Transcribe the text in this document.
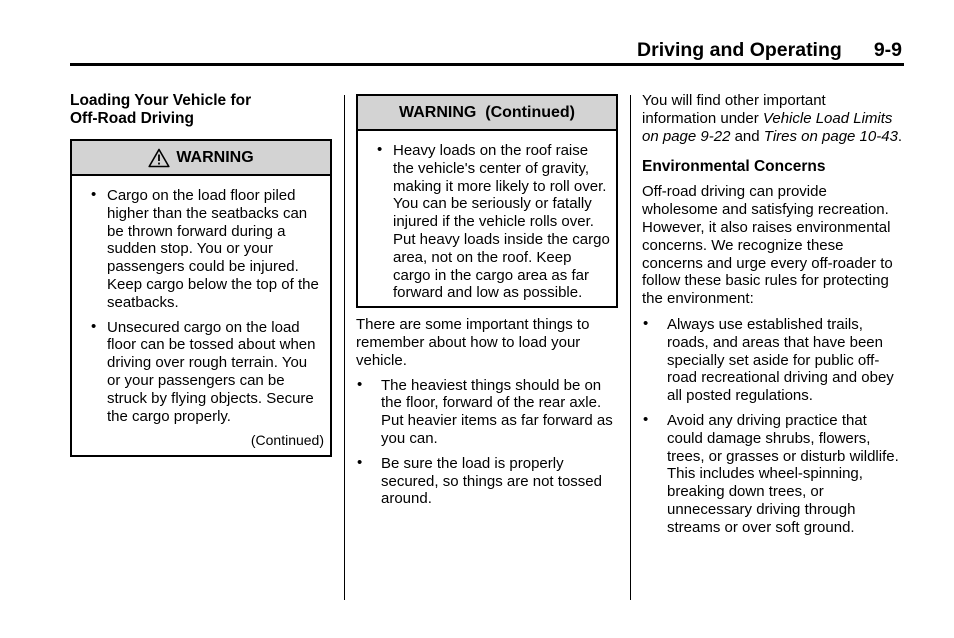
Driving and Operating 9-9
Loading Your Vehicle for
Off-Road Driving
WARNING
• Cargo on the load floor piled higher than the seatbacks can be thrown forward during a sudden stop. You or your passengers could be injured. Keep cargo below the top of the seatbacks.
• Unsecured cargo on the load floor can be tossed about when driving over rough terrain. You or your passengers can be struck by flying objects. Secure the cargo properly.
(Continued)
WARNING  (Continued)
• Heavy loads on the roof raise the vehicle's center of gravity, making it more likely to roll over. You can be seriously or fatally injured if the vehicle rolls over. Put heavy loads inside the cargo area, not on the roof. Keep cargo in the cargo area as far forward and low as possible.

There are some important things to remember about how to load your vehicle.

• The heaviest things should be on the floor, forward of the rear axle. Put heavier items as far forward as you can.
• Be sure the load is properly secured, so things are not tossed around.

You will find other important information under Vehicle Load Limits on page 9-22 and Tires on page 10-43.

Environmental Concerns

Off-road driving can provide wholesome and satisfying recreation. However, it also raises environmental concerns. We recognize these concerns and urge every off-roader to follow these basic rules for protecting the environment:

• Always use established trails, roads, and areas that have been specially set aside for public off-road recreational driving and obey all posted regulations.
• Avoid any driving practice that could damage shrubs, flowers, trees, or grasses or disturb wildlife. This includes wheel-spinning, breaking down trees, or unnecessary driving through streams or over soft ground.
